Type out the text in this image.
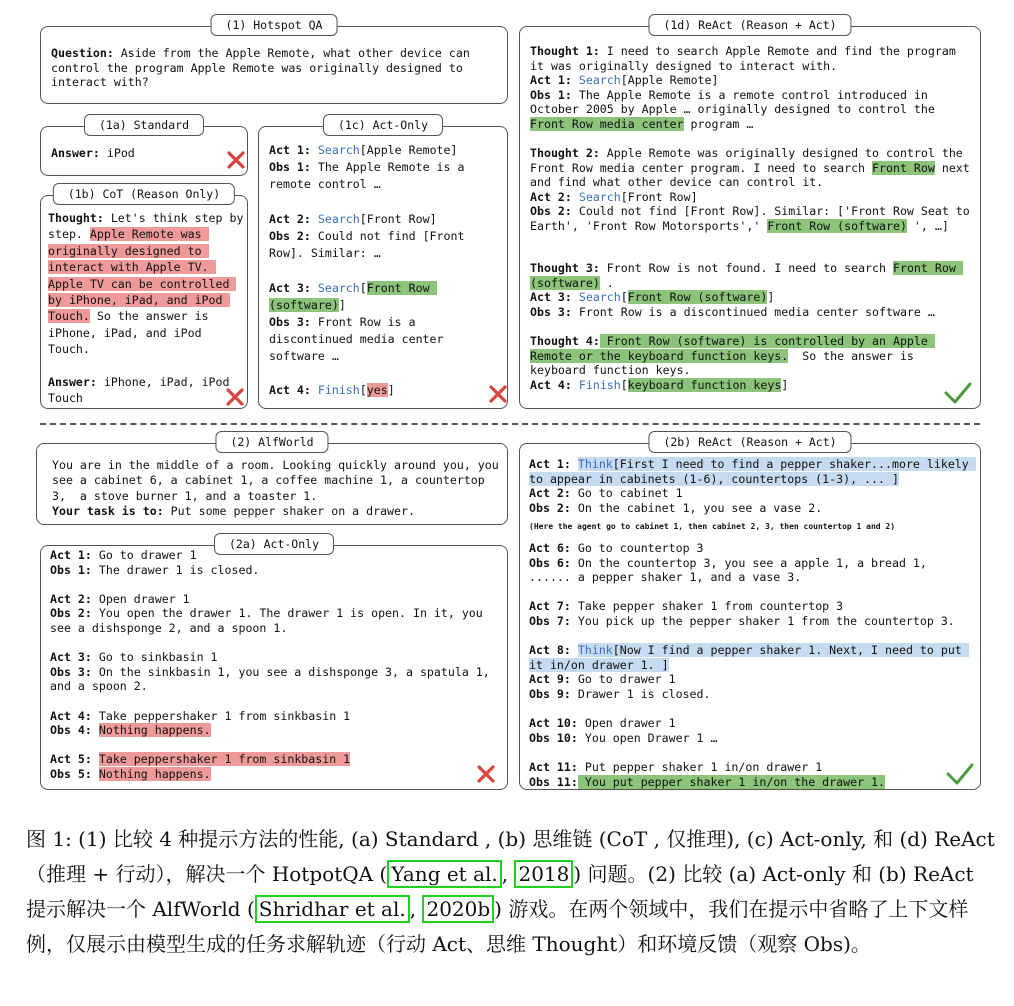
(1) Hotspot QA
Question: Aside from the Apple Remote, what other device can control the program Apple Remote was originally designed to interact with?
(1a) Standard
Answer: iPod
(1b) CoT (Reason Only)
Thought: Let's think step by step. Apple Remote was originally designed to interact with Apple TV. Apple TV can be controlled by iPhone, iPad, and iPod Touch. So the answer is iPhone, iPad, and iPod Touch.
Answer: iPhone, iPad, iPod Touch
(1c) Act-Only
Act 1: Search[Apple Remote]
Obs 1: The Apple Remote is a remote control …
Act 2: Search[Front Row]
Obs 2: Could not find [Front Row]. Similar: …
Act 3: Search[Front Row (software)]
Obs 3: Front Row is a discontinued media center software …
Act 4: Finish[yes]
(1d) ReAct (Reason + Act)
Thought 1: I need to search Apple Remote and find the program it was originally designed to interact with.
Act 1: Search[Apple Remote]
Obs 1: The Apple Remote is a remote control introduced in October 2005 by Apple … originally designed to control the Front Row media center program …
Thought 2: Apple Remote was originally designed to control the Front Row media center program. I need to search Front Row next and find what other device can control it.
Act 2: Search[Front Row]
Obs 2: Could not find [Front Row]. Similar: ['Front Row Seat to Earth', 'Front Row Motorsports',' Front Row (software) ', …]
Thought 3: Front Row is not found. I need to search Front Row (software) .
Act 3: Search[Front Row (software)]
Obs 3: Front Row is a discontinued media center software …
Thought 4: Front Row (software) is controlled by an Apple Remote or the keyboard function keys.  So the answer is keyboard function keys.
Act 4: Finish[keyboard function keys]
(2) AlfWorld
You are in the middle of a room. Looking quickly around you, you see a cabinet 6, a cabinet 1, a coffee machine 1, a countertop 3,  a stove burner 1, and a toaster 1.
Your task is to: Put some pepper shaker on a drawer.
(2a) Act-Only
Act 1: Go to drawer 1
Obs 1: The drawer 1 is closed.

Act 2: Open drawer 1
Obs 2: You open the drawer 1. The drawer 1 is open. In it, you see a dishsponge 2, and a spoon 1.

Act 3: Go to sinkbasin 1
Obs 3: On the sinkbasin 1, you see a dishsponge 3, a spatula 1, and a spoon 2.

Act 4: Take peppershaker 1 from sinkbasin 1
Obs 4: Nothing happens.

Act 5: Take peppershaker 1 from sinkbasin 1
Obs 5: Nothing happens.
(2b) ReAct (Reason + Act)
Act 1: Think[First I need to find a pepper shaker...more likely to appear in cabinets (1-6), countertops (1-3), ... ]
Act 2: Go to cabinet 1
Obs 2: On the cabinet 1, you see a vase 2.
(Here the agent go to cabinet 1, then cabinet 2, 3, then countertop 1 and 2)
Act 6: Go to countertop 3
Obs 6: On the countertop 3, you see a apple 1, a bread 1, ...... a pepper shaker 1, and a vase 3.

Act 7: Take pepper shaker 1 from countertop 3
Obs 7: You pick up the pepper shaker 1 from the countertop 3.

Act 8: Think[Now I find a pepper shaker 1. Next, I need to put it in/on drawer 1. ]
Act 9: Go to drawer 1
Obs 9: Drawer 1 is closed.

Act 10: Open drawer 1
Obs 10: You open Drawer 1 …

Act 11: Put pepper shaker 1 in/on drawer 1
Obs 11: You put pepper shaker 1 in/on the drawer 1.
图 1: (1) 比较 4 种提示方法的性能, (a) Standard , (b) 思维链 (CoT , 仅推理), (c) Act-only, 和 (d) ReAct （推理 + 行动），解决一个 HotpotQA ( Yang et al. , 2018 ) 问题。(2) 比较 (a) Act-only 和 (b) ReAct 提示解决一个 AlfWorld ( Shridhar et al. , 2020b ) 游戏。在两个领域中，我们在提示中省略了上下文样例，仅展示由模型生成的任务求解轨迹（行动 Act、思维 Thought）和环境反馈（观察 Obs)。
